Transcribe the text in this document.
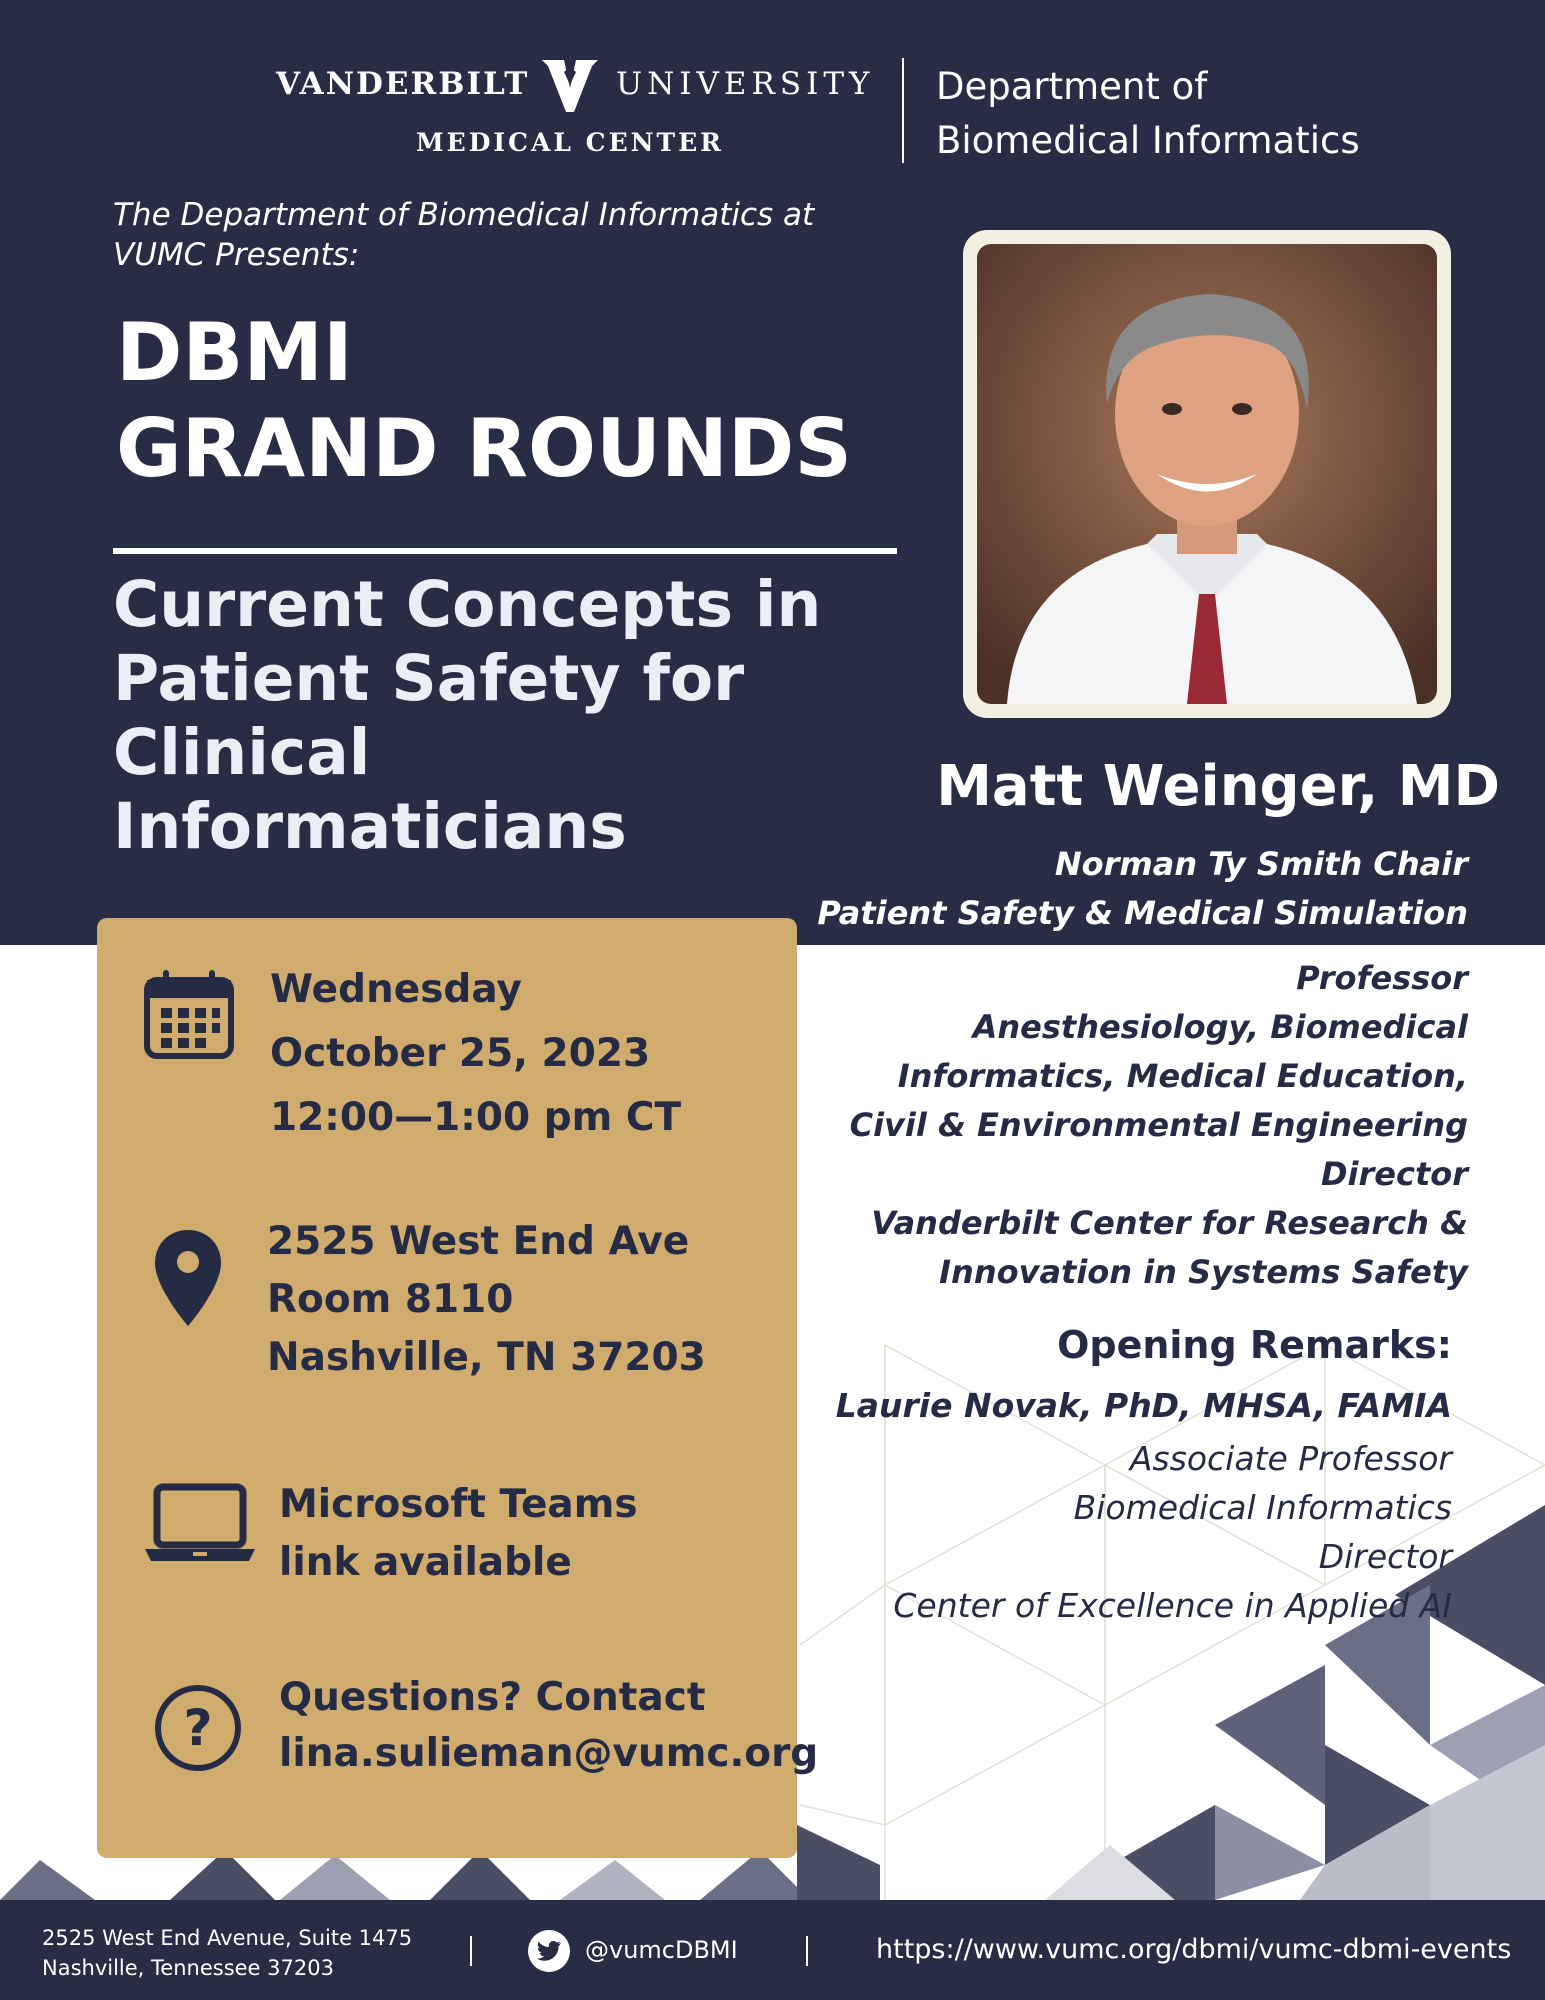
VANDERBILT	UNIVERSITY
MEDICAL CENTER
Department of
Biomedical Informatics
The Department of Biomedical Informatics at VUMC Presents:
DBMI
GRAND ROUNDS
Current Concepts in
Patient Safety for
Clinical
Informaticians
Matt Weinger, MD
Norman Ty Smith Chair
Patient Safety & Medical Simulation
Professor
Anesthesiology, Biomedical
Informatics, Medical Education,
Civil & Environmental Engineering
Director
Vanderbilt Center for Research &
Innovation in Systems Safety
Opening Remarks:
Laurie Novak, PhD, MHSA, FAMIA
Associate Professor
Biomedical Informatics
Director
Center of Excellence in Applied AI
Wednesday
October 25, 2023
12:00—1:00 pm CT
2525 West End Ave
Room 8110
Nashville, TN 37203
Microsoft Teams
link available
?
Questions? Contact
lina.sulieman@vumc.org
2525 West End Avenue, Suite 1475
Nashville, Tennessee 37203
@vumcDBMI	https://www.vumc.org/dbmi/vumc-dbmi-events
